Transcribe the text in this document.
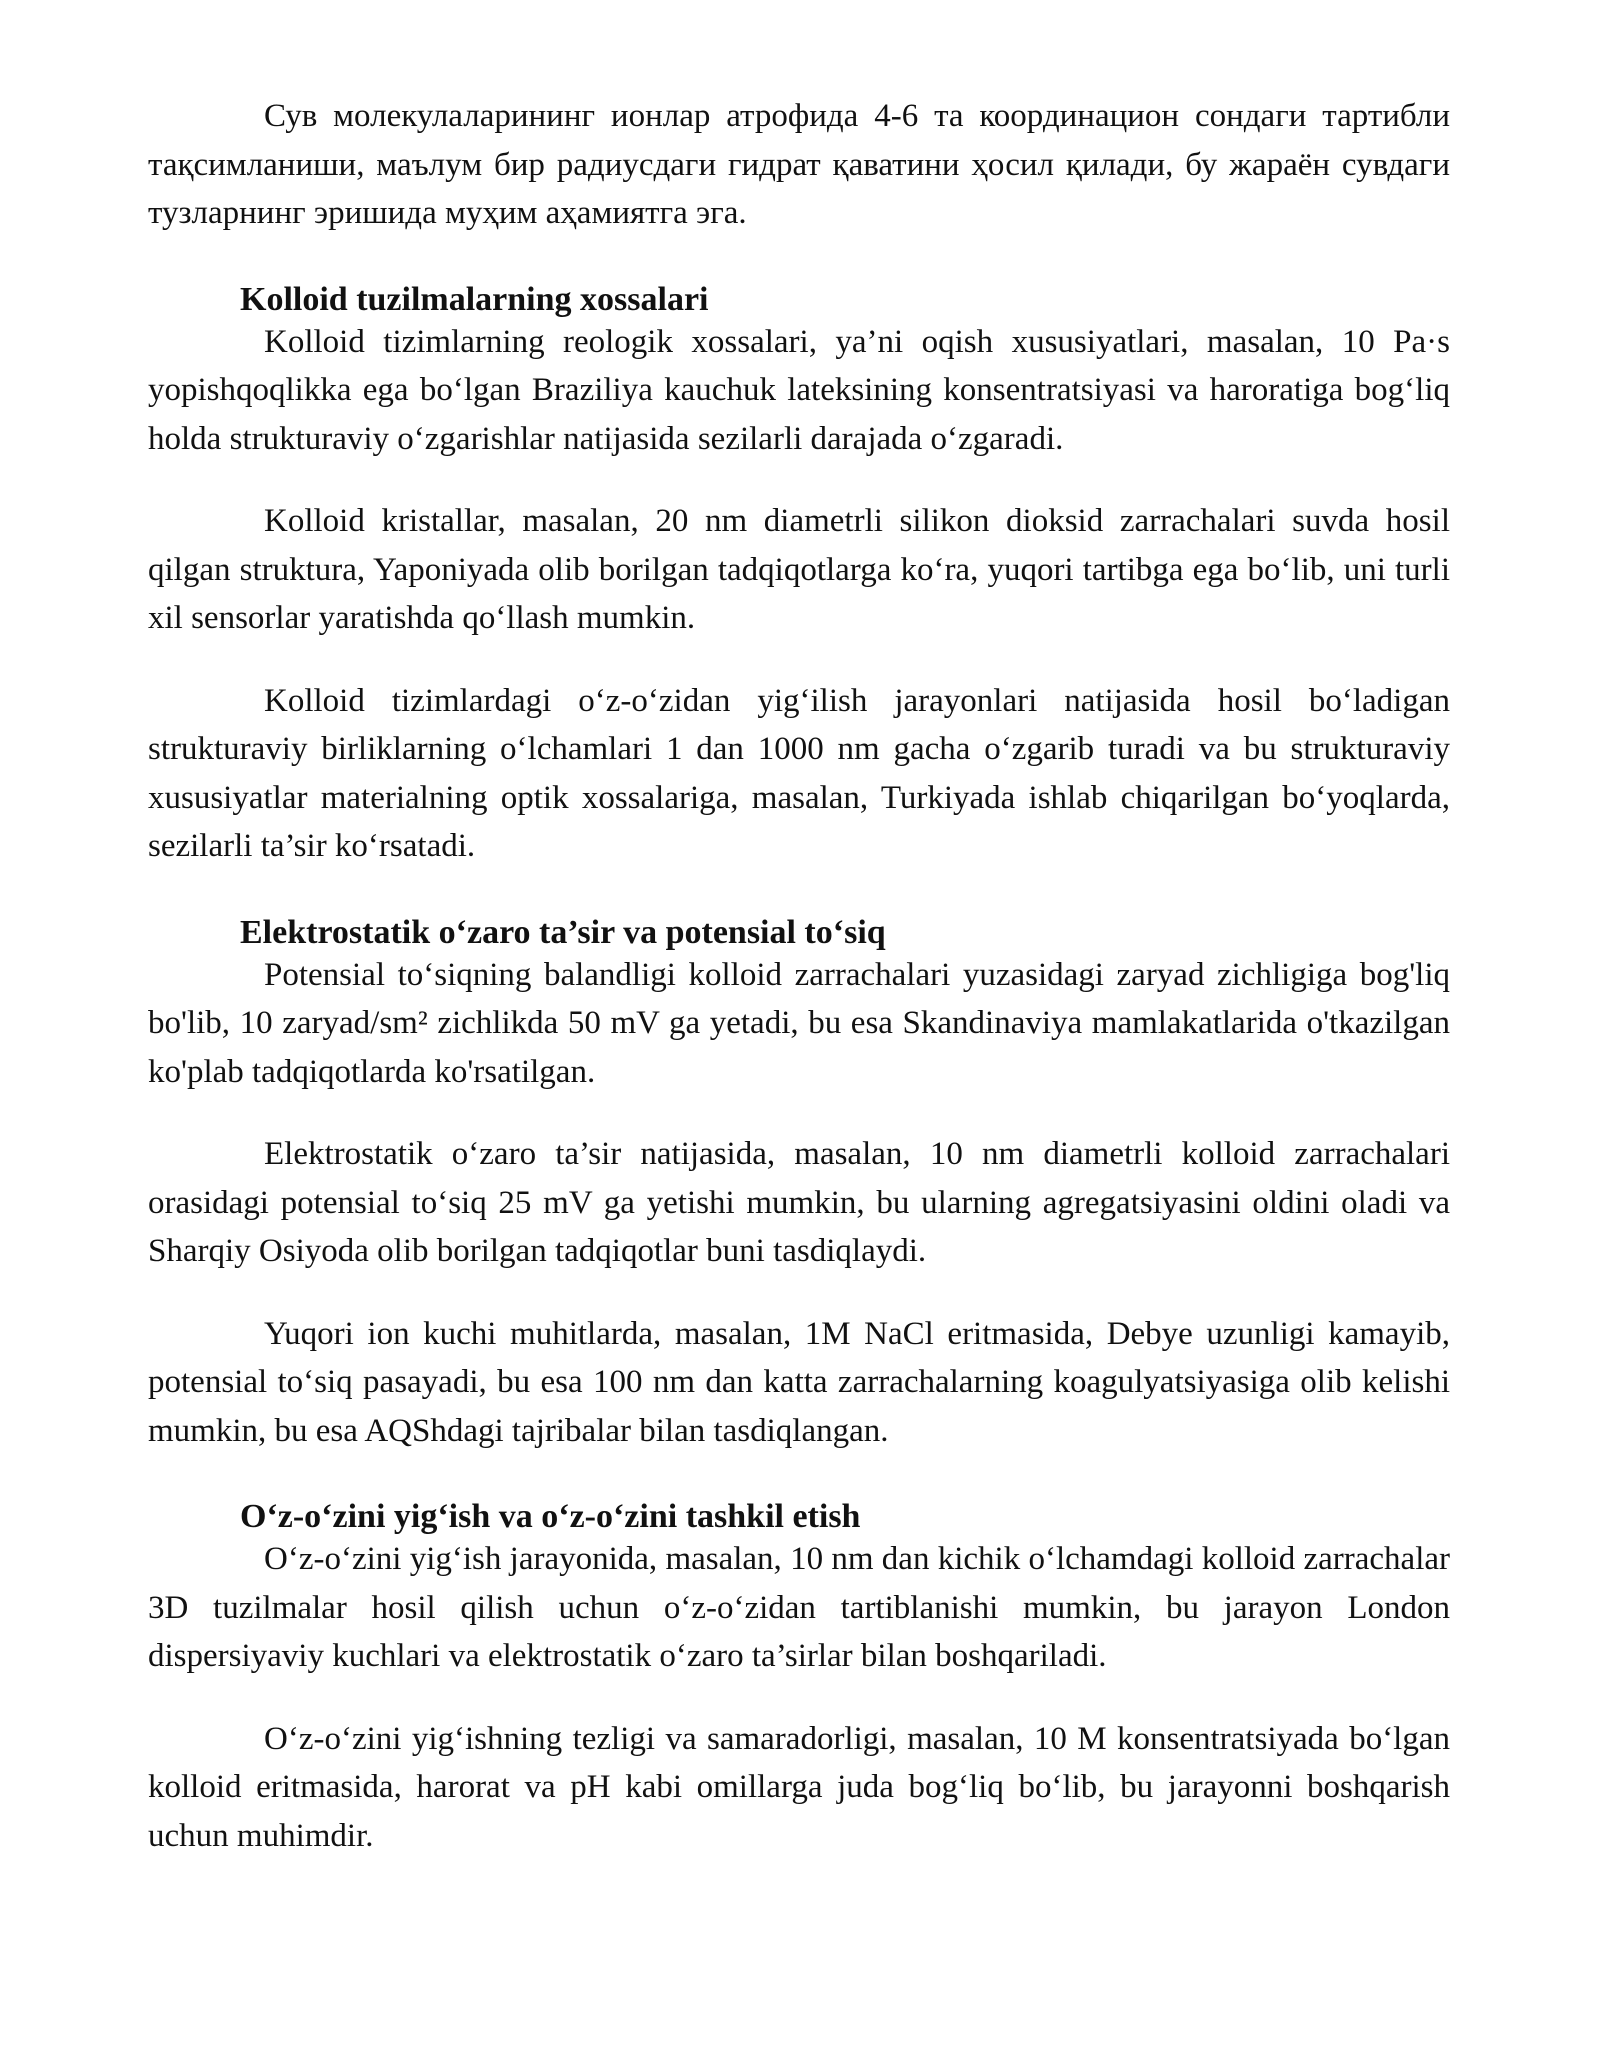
Сув молекулаларининг ионлар атрофида 4-6 та координацион сондаги тартибли тақсимланиши, маълум бир радиусдаги гидрат қаватини ҳосил қилади, бу жараён сувдаги тузларнинг эришида муҳим аҳамиятга эга.

Kolloid tuzilmalarning xossalari

Kolloid tizimlarning reologik xossalari, ya’ni oqish xususiyatlari, masalan, 10 Pa·s yopishqoqlikka ega bo‘lgan Braziliya kauchuk lateksining konsentratsiyasi va haroratiga bog‘liq holda strukturaviy o‘zgarishlar natijasida sezilarli darajada o‘zgaradi.

Kolloid kristallar, masalan, 20 nm diametrli silikon dioksid zarrachalari suvda hosil qilgan struktura, Yaponiyada olib borilgan tadqiqotlarga ko‘ra, yuqori tartibga ega bo‘lib, uni turli xil sensorlar yaratishda qo‘llash mumkin.

Kolloid tizimlardagi o‘z-o‘zidan yig‘ilish jarayonlari natijasida hosil bo‘ladigan strukturaviy birliklarning o‘lchamlari 1 dan 1000 nm gacha o‘zgarib turadi va bu strukturaviy xususiyatlar materialning optik xossalariga, masalan, Turkiyada ishlab chiqarilgan bo‘yoqlarda, sezilarli ta’sir ko‘rsatadi.

Elektrostatik o‘zaro ta’sir va potensial to‘siq

Potensial to‘siqning balandligi kolloid zarrachalari yuzasidagi zaryad zichligiga bog'liq bo'lib, 10 zaryad/sm² zichlikda 50 mV ga yetadi, bu esa Skandinaviya mamlakatlarida o'tkazilgan ko'plab tadqiqotlarda ko'rsatilgan.

Elektrostatik o‘zaro ta’sir natijasida, masalan, 10 nm diametrli kolloid zarrachalari orasidagi potensial to‘siq 25 mV ga yetishi mumkin, bu ularning agregatsiyasini oldini oladi va Sharqiy Osiyoda olib borilgan tadqiqotlar buni tasdiqlaydi.

Yuqori ion kuchi muhitlarda, masalan, 1M NaCl eritmasida, Debye uzunligi kamayib, potensial to‘siq pasayadi, bu esa 100 nm dan katta zarrachalarning koagulyatsiyasiga olib kelishi mumkin, bu esa AQShdagi tajribalar bilan tasdiqlangan.

O‘z-o‘zini yig‘ish va o‘z-o‘zini tashkil etish

O‘z-o‘zini yig‘ish jarayonida, masalan, 10 nm dan kichik o‘lchamdagi kolloid zarrachalar 3D tuzilmalar hosil qilish uchun o‘z-o‘zidan tartiblanishi mumkin, bu jarayon London dispersiyaviy kuchlari va elektrostatik o‘zaro ta’sirlar bilan boshqariladi.

O‘z-o‘zini yig‘ishning tezligi va samaradorligi, masalan, 10 M konsentratsiyada bo‘lgan kolloid eritmasida, harorat va pH kabi omillarga juda bog‘liq bo‘lib, bu jarayonni boshqarish uchun muhimdir.
